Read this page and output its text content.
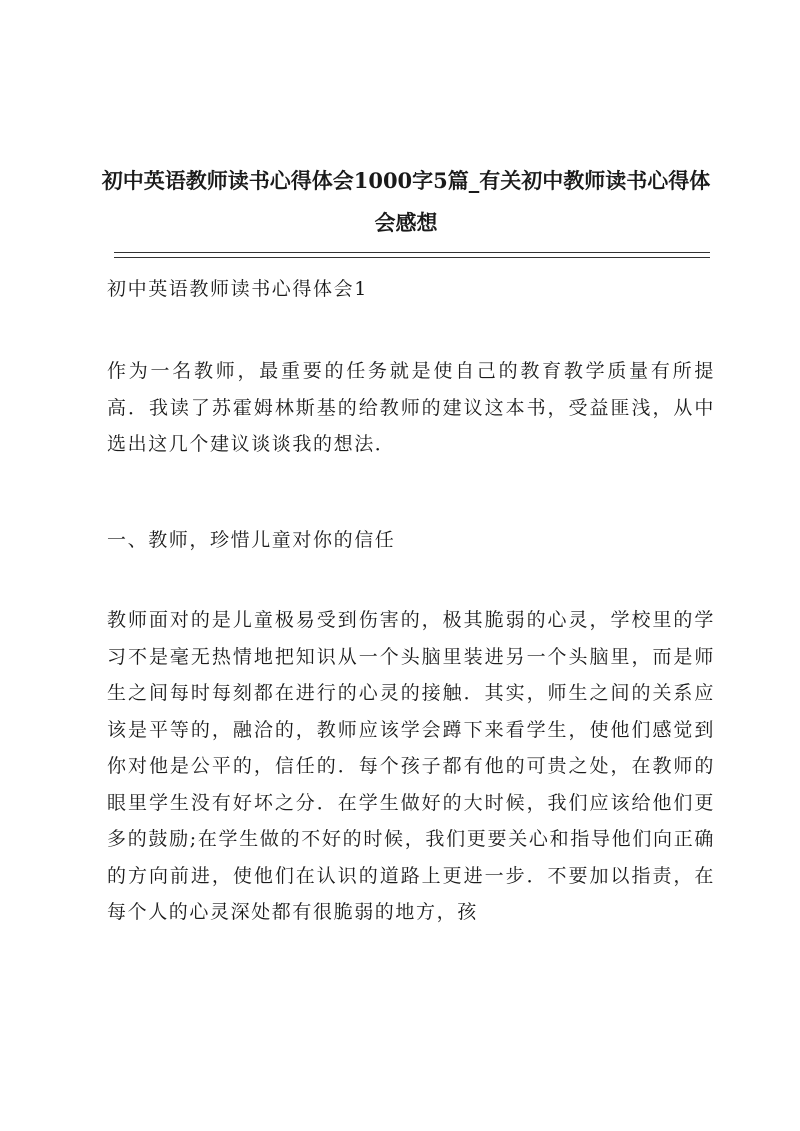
初中英语教师读书心得体会1000字5篇_有关初中教师读书心得体会感想

初中英语教师读书心得体会1

作为一名教师，最重要的任务就是使自己的教育教学质量有所提高．我读了苏霍姆林斯基的给教师的建议这本书，受益匪浅，从中选出这几个建议谈谈我的想法．

一、教师，珍惜儿童对你的信任

教师面对的是儿童极易受到伤害的，极其脆弱的心灵，学校里的学习不是毫无热情地把知识从一个头脑里装进另一个头脑里，而是师生之间每时每刻都在进行的心灵的接触．其实，师生之间的关系应该是平等的，融洽的，教师应该学会蹲下来看学生，使他们感觉到你对他是公平的，信任的．每个孩子都有他的可贵之处，在教师的眼里学生没有好坏之分．在学生做好的大时候，我们应该给他们更多的鼓励;在学生做的不好的时候，我们更要关心和指导他们向正确的方向前进，使他们在认识的道路上更进一步．不要加以指责，在每个人的心灵深处都有很脆弱的地方，孩
